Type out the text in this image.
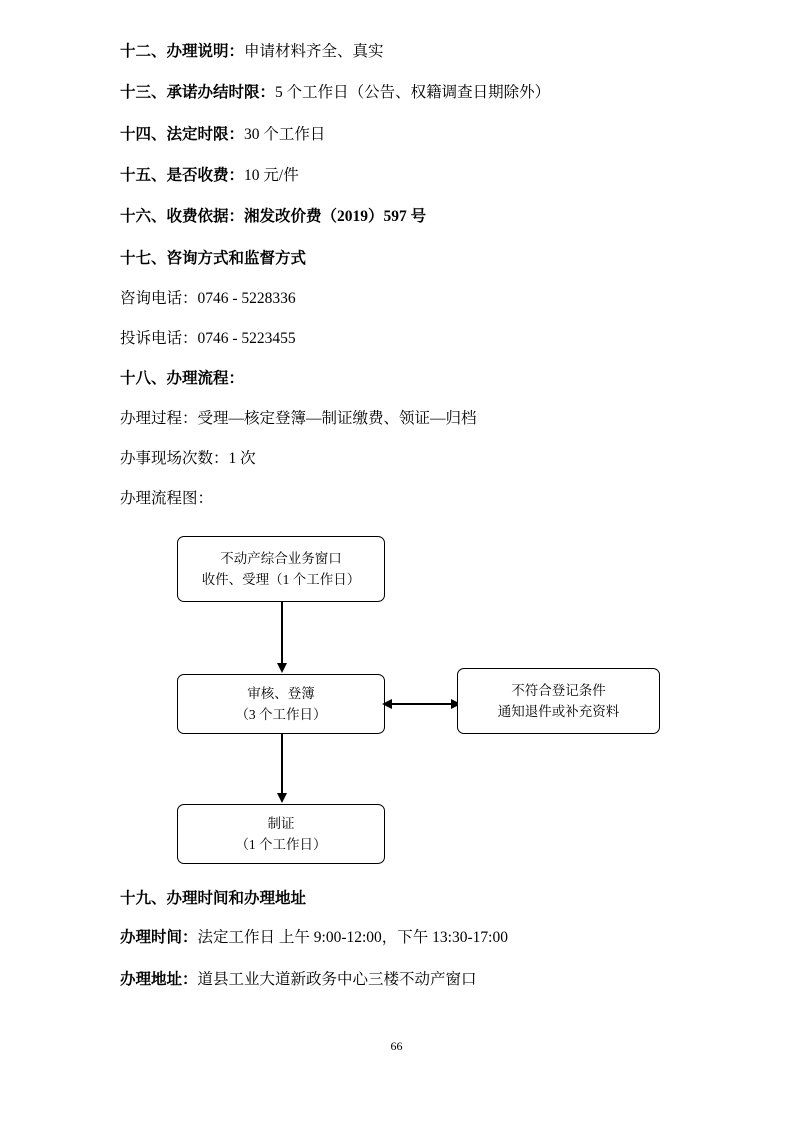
十二、办理说明：申请材料齐全、真实

十三、承诺办结时限：5 个工作日（公告、权籍调查日期除外）

十四、法定时限：30 个工作日

十五、是否收费：10 元/件

十六、收费依据：湘发改价费（2019）597 号

十七、咨询方式和监督方式

咨询电话：0746 - 5228336

投诉电话：0746 - 5223455

十八、办理流程：

办理过程：受理—核定登簿—制证缴费、领证—归档

办事现场次数：1 次

办理流程图：

不动产综合业务窗口
收件、受理（1 个工作日）
审核、登簿
（3 个工作日）
不符合登记条件
通知退件或补充资料
制证
（1 个工作日）

十九、办理时间和办理地址

办理时间：法定工作日 上午 9:00-12:00，下午 13:30-17:00

办理地址：道县工业大道新政务中心三楼不动产窗口

66
